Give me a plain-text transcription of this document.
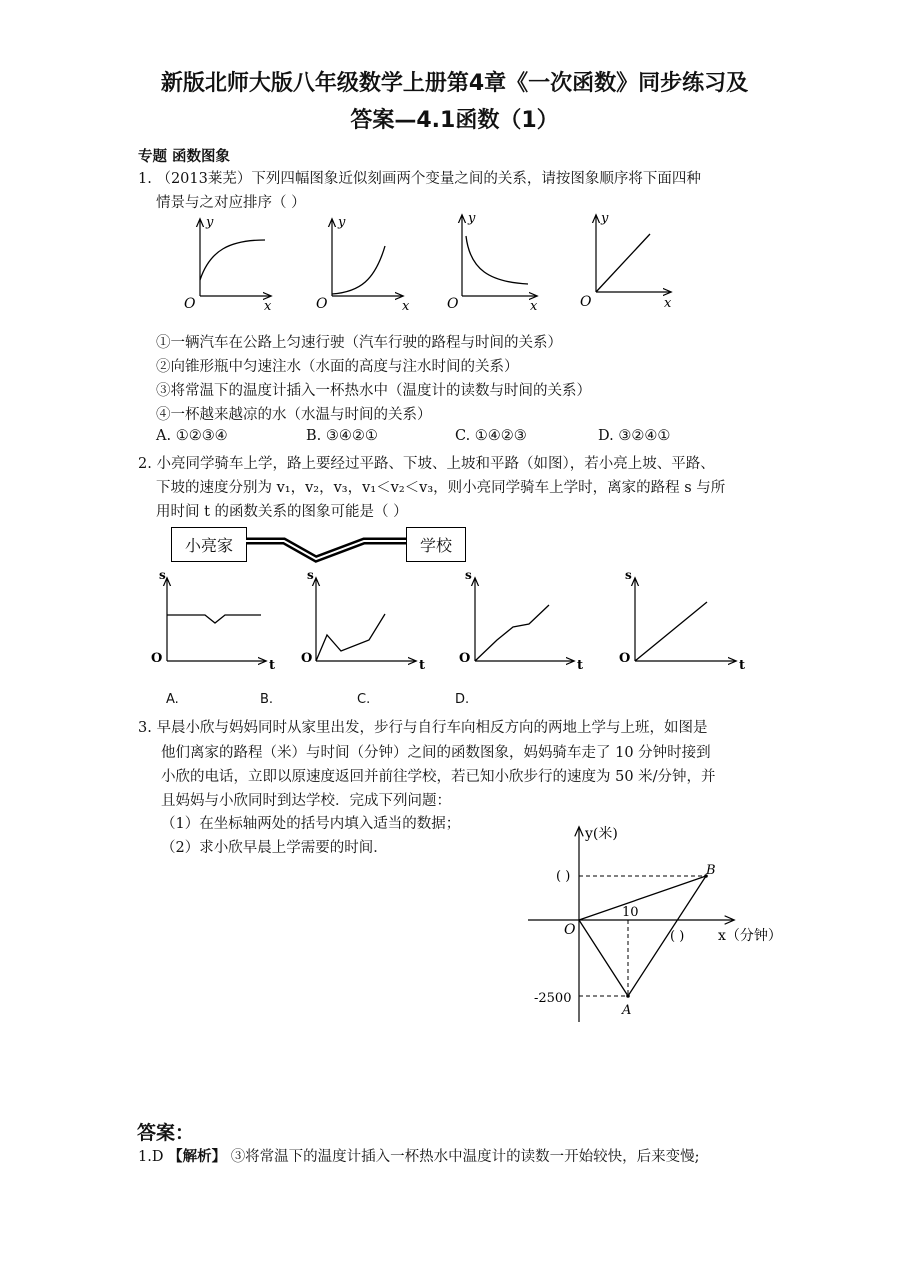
新版北师大版八年级数学上册第4章《一次函数》同步练习及
答案—4.1函数（1）
专题 函数图象
1. （2013莱芜）下列四幅图象近似刻画两个变量之间的关系，请按图象顺序将下面四种
情景与之对应排序（ ）
y
O	x
y
O	x
y
O	x
y
O	x
①一辆汽车在公路上匀速行驶（汽车行驶的路程与时间的关系）
②向锥形瓶中匀速注水（水面的高度与注水时间的关系）
③将常温下的温度计插入一杯热水中（温度计的读数与时间的关系）
④一杯越来越凉的水（水温与时间的关系）
A. ①②③④	B. ③④②①	C. ①④②③	D. ③②④①
2. 小亮同学骑车上学，路上要经过平路、下坡、上坡和平路（如图），若小亮上坡、平路、
下坡的速度分别为 v₁，v₂，v₃，v₁＜v₂＜v₃，则小亮同学骑车上学时，离家的路程 s 与所
用时间 t 的函数关系的图象可能是（ ）
小亮家	学校
s
O	t
s
O	t
s
O	t
s
O	t
A.	B.	C.	D.
3. 早晨小欣与妈妈同时从家里出发，步行与自行车向相反方向的两地上学与上班，如图是
他们离家的路程（米）与时间（分钟）之间的函数图象，妈妈骑车走了 10 分钟时接到
小欣的电话，立即以原速度返回并前往学校，若已知小欣步行的速度为 50 米/分钟，并
且妈妈与小欣同时到达学校．完成下列问题：
（1）在坐标轴两处的括号内填入适当的数据；
（2）求小欣早晨上学需要的时间．
y(米)
x（分钟）
O
B
A
10
-2500
( )
( )
答案：
1.D 【解析】 ③将常温下的温度计插入一杯热水中温度计的读数一开始较快，后来变慢;
